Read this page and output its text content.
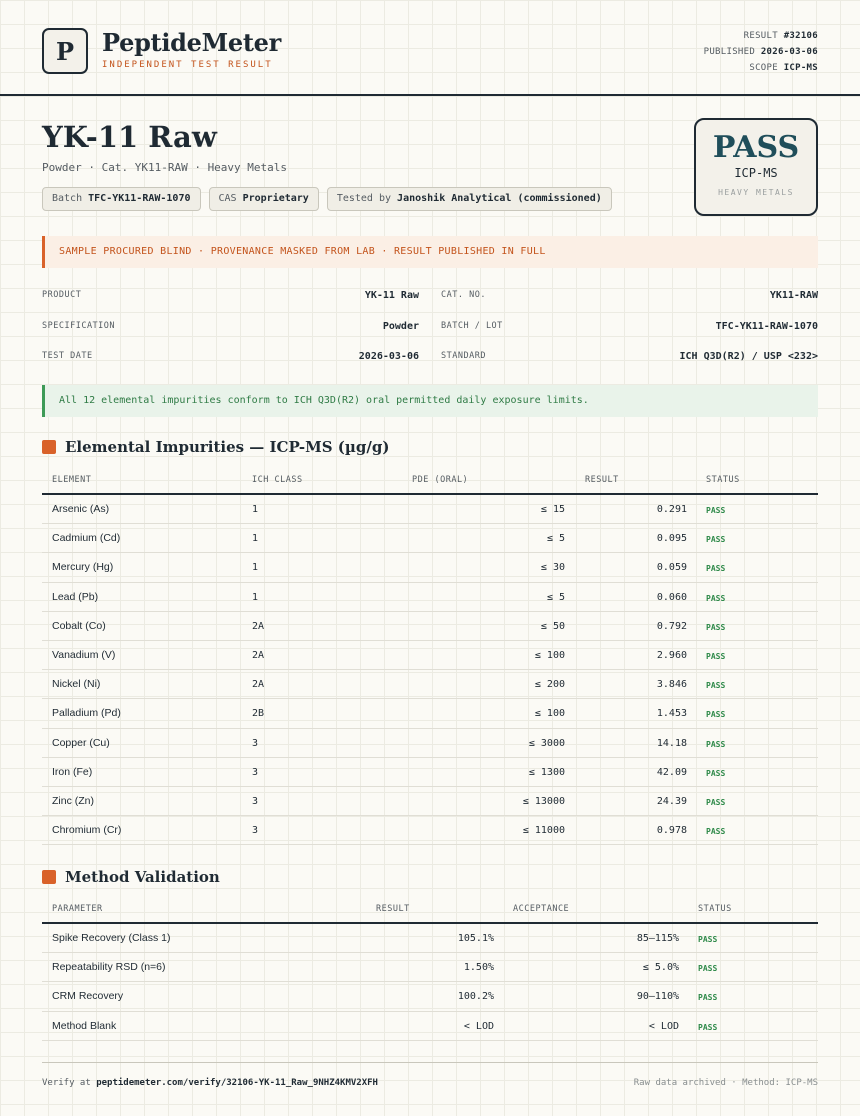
P	PeptideMeter
INDEPENDENT TEST RESULT
RESULT #32106
PUBLISHED 2026-03-06
SCOPE ICP-MS
YK-11 Raw
Powder · Cat. YK11-RAW · Heavy Metals
Batch TFC-YK11-RAW-1070	CAS Proprietary	Tested by Janoshik Analytical (commissioned)
PASS
ICP-MS
HEAVY METALS
SAMPLE PROCURED BLIND · PROVENANCE MASKED FROM LAB · RESULT PUBLISHED IN FULL
PRODUCT	YK-11 Raw	CAT. NO.	YK11-RAW
SPECIFICATION	Powder	BATCH / LOT	TFC-YK11-RAW-1070
TEST DATE	2026-03-06	STANDARD	ICH Q3D(R2) / USP <232>
All 12 elemental impurities conform to ICH Q3D(R2) oral permitted daily exposure limits.
Elemental Impurities — ICP-MS (µg/g)
ELEMENT	ICH CLASS	PDE (ORAL)	RESULT	STATUS
Arsenic (As)	1	≤ 15	0.291 PASS
Cadmium (Cd)	1	≤ 5	0.095 PASS
Mercury (Hg)	1	≤ 30	0.059 PASS
Lead (Pb)	1	≤ 5	0.060 PASS
Cobalt (Co)	2A	≤ 50	0.792 PASS
Vanadium (V)	2A	≤ 100	2.960 PASS
Nickel (Ni)	2A	≤ 200	3.846 PASS
Palladium (Pd)	2B	≤ 100	1.453 PASS
Copper (Cu)	3	≤ 3000	14.18 PASS
Iron (Fe)	3	≤ 1300	42.09 PASS
Zinc (Zn)	3	≤ 13000	24.39 PASS
Chromium (Cr)	3	≤ 11000	0.978 PASS
Method Validation
PARAMETER	RESULT	ACCEPTANCE	STATUS
Spike Recovery (Class 1)	105.1%	85–115% PASS
Repeatability RSD (n=6)	1.50%	≤ 5.0% PASS
CRM Recovery	100.2%	90–110% PASS
Method Blank	< LOD	< LOD PASS
Verify at peptidemeter.com/verify/32106-YK-11_Raw_9NHZ4KMV2XFH	Raw data archived · Method: ICP-MS
